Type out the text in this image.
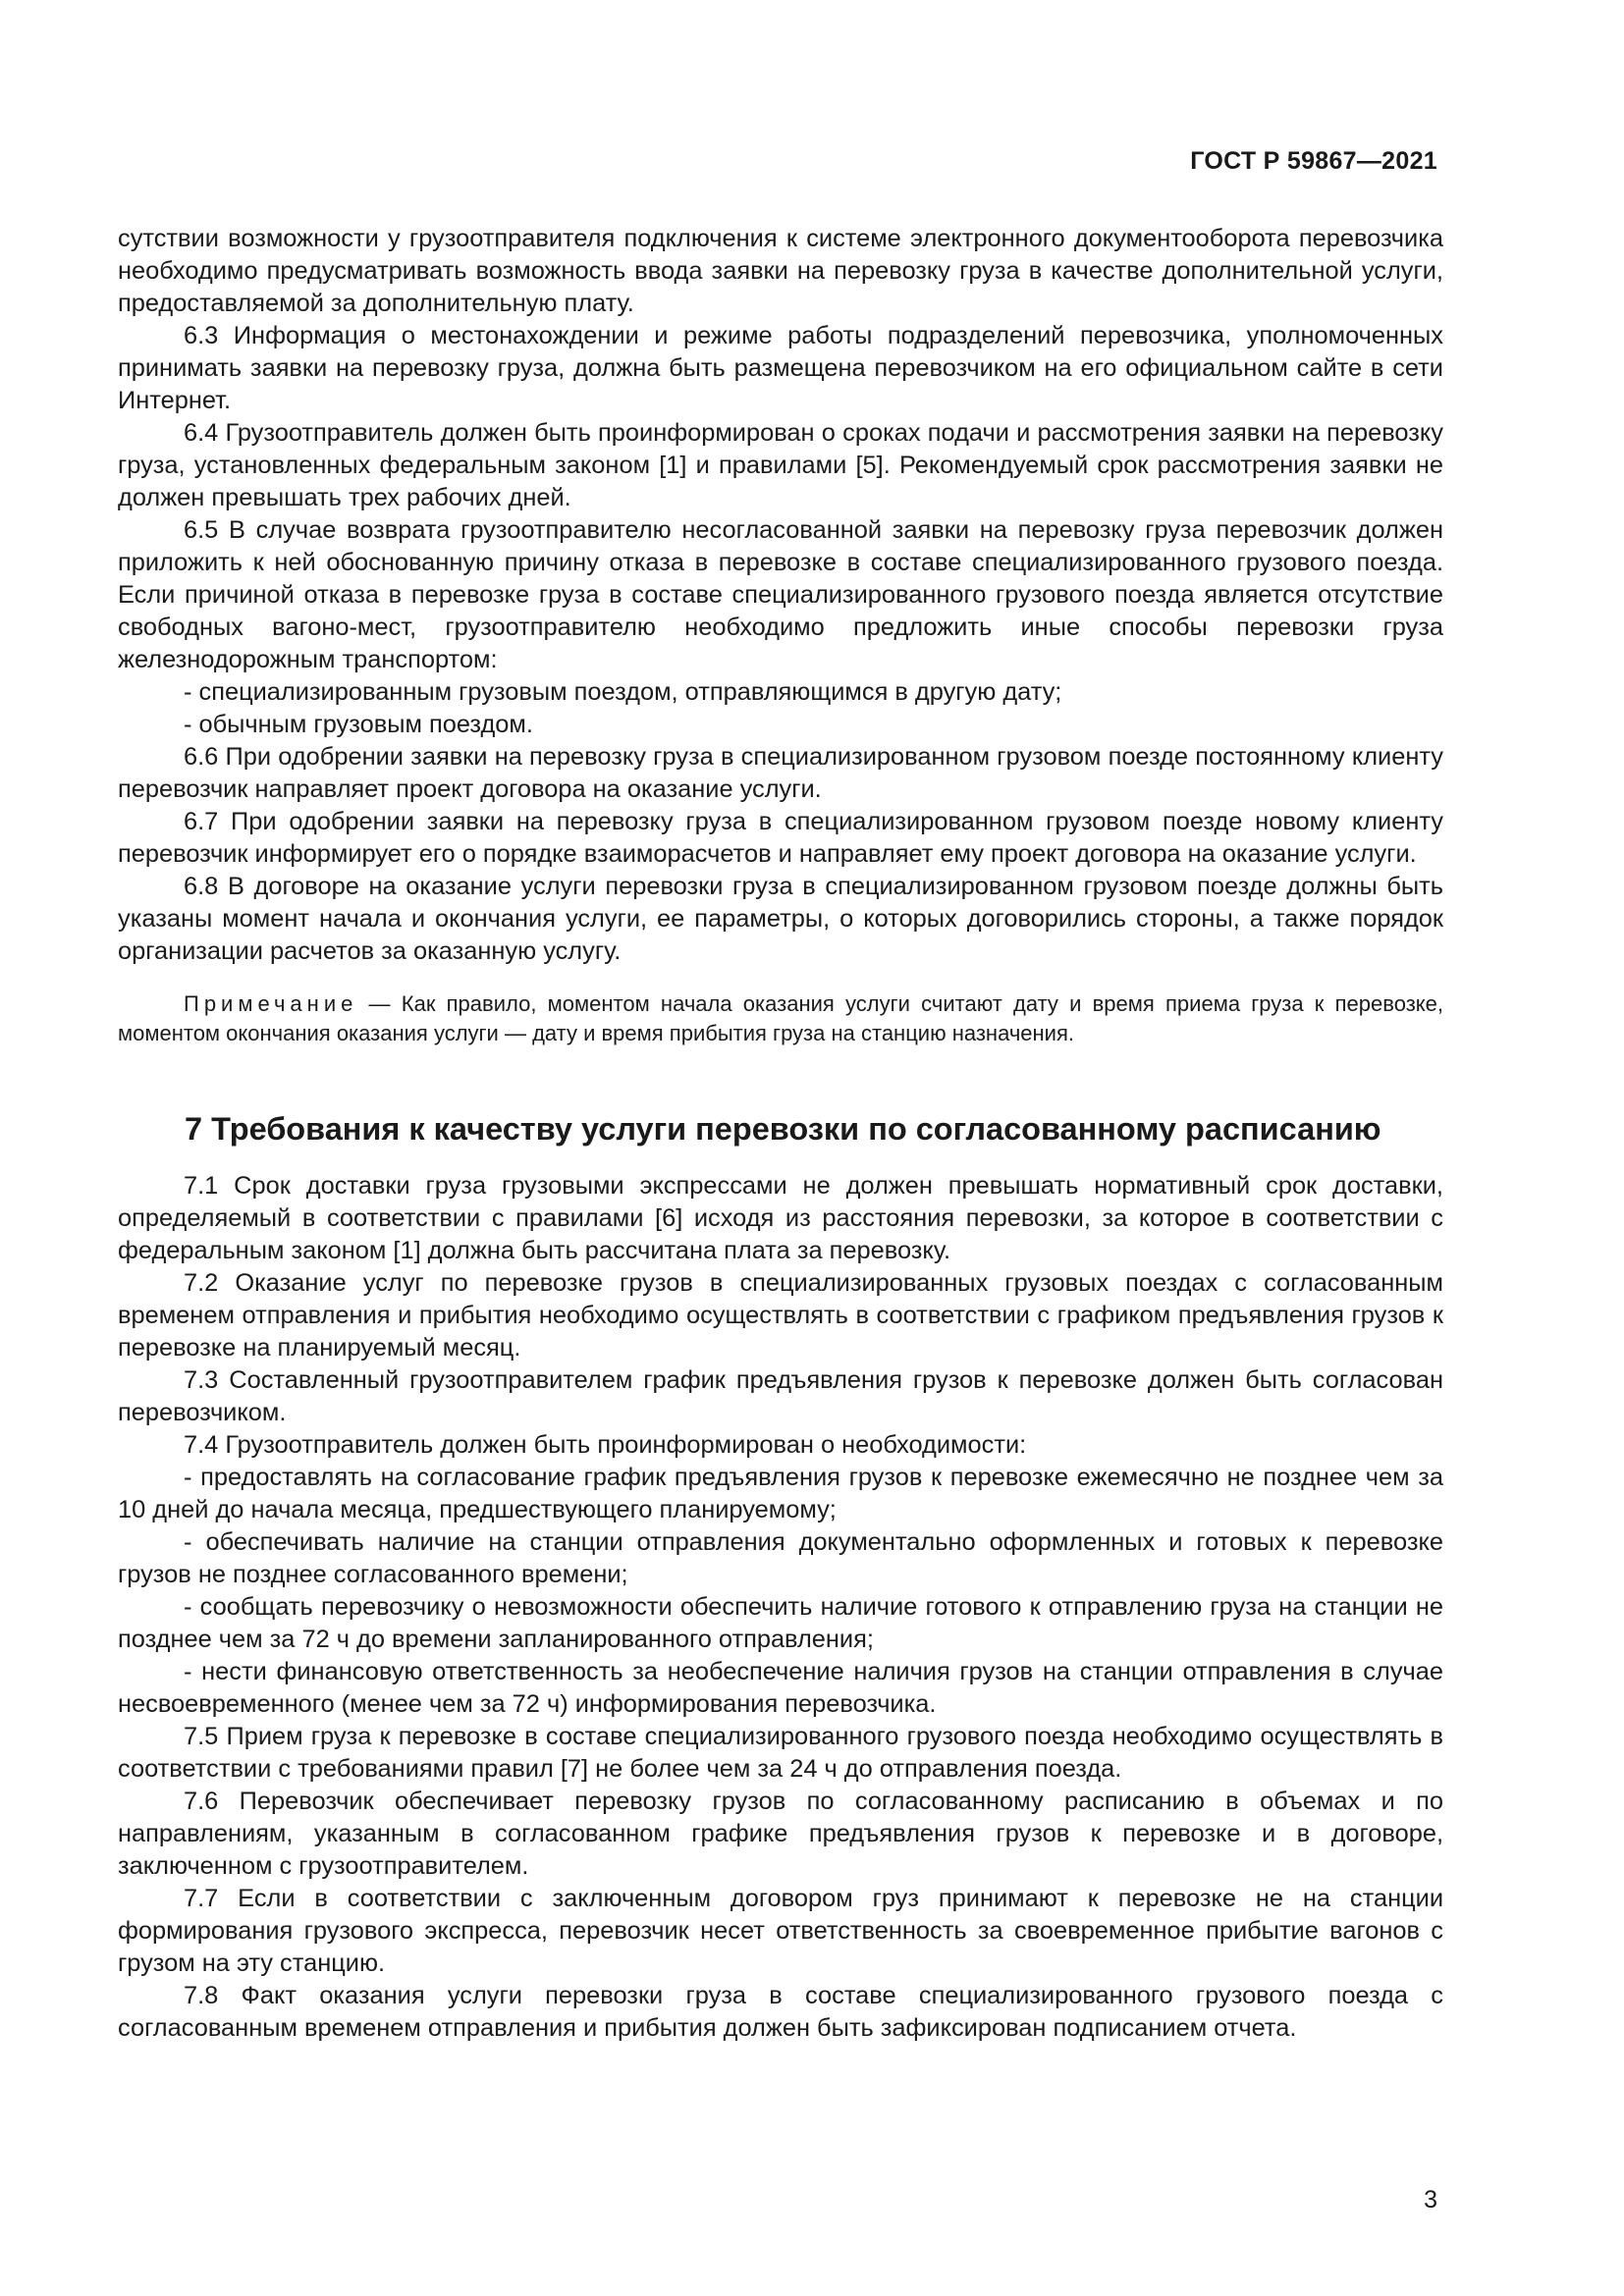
ГОСТ Р 59867—2021

сутствии возможности у грузоотправителя подключения к системе электронного документооборота перевозчика необходимо предусматривать возможность ввода заявки на перевозку груза в качестве дополнительной услуги, предоставляемой за дополнительную плату.

6.3 Информация о местонахождении и режиме работы подразделений перевозчика, уполномоченных принимать заявки на перевозку груза, должна быть размещена перевозчиком на его официальном сайте в сети Интернет.

6.4 Грузоотправитель должен быть проинформирован о сроках подачи и рассмотрения заявки на перевозку груза, установленных федеральным законом [1] и правилами [5]. Рекомендуемый срок рассмотрения заявки не должен превышать трех рабочих дней.

6.5 В случае возврата грузоотправителю несогласованной заявки на перевозку груза перевозчик должен приложить к ней обоснованную причину отказа в перевозке в составе специализированного грузового поезда. Если причиной отказа в перевозке груза в составе специализированного грузового поезда является отсутствие свободных вагоно-мест, грузоотправителю необходимо предложить иные способы перевозки груза железнодорожным транспортом:

- специализированным грузовым поездом, отправляющимся в другую дату;

- обычным грузовым поездом.

6.6 При одобрении заявки на перевозку груза в специализированном грузовом поезде постоянному клиенту перевозчик направляет проект договора на оказание услуги.

6.7 При одобрении заявки на перевозку груза в специализированном грузовом поезде новому клиенту перевозчик информирует его о порядке взаиморасчетов и направляет ему проект договора на оказание услуги.

6.8 В договоре на оказание услуги перевозки груза в специализированном грузовом поезде должны быть указаны момент начала и окончания услуги, ее параметры, о которых договорились стороны, а также порядок организации расчетов за оказанную услугу.

Примечание — Как правило, моментом начала оказания услуги считают дату и время приема груза к перевозке, моментом окончания оказания услуги — дату и время прибытия груза на станцию назначения.

7 Требования к качеству услуги перевозки по согласованному расписанию

7.1 Срок доставки груза грузовыми экспрессами не должен превышать нормативный срок доставки, определяемый в соответствии с правилами [6] исходя из расстояния перевозки, за которое в соответствии с федеральным законом [1] должна быть рассчитана плата за перевозку.

7.2 Оказание услуг по перевозке грузов в специализированных грузовых поездах с согласованным временем отправления и прибытия необходимо осуществлять в соответствии с графиком предъявления грузов к перевозке на планируемый месяц.

7.3 Составленный грузоотправителем график предъявления грузов к перевозке должен быть согласован перевозчиком.

7.4 Грузоотправитель должен быть проинформирован о необходимости:

- предоставлять на согласование график предъявления грузов к перевозке ежемесячно не позднее чем за 10 дней до начала месяца, предшествующего планируемому;

- обеспечивать наличие на станции отправления документально оформленных и готовых к перевозке грузов не позднее согласованного времени;

- сообщать перевозчику о невозможности обеспечить наличие готового к отправлению груза на станции не позднее чем за 72 ч до времени запланированного отправления;

- нести финансовую ответственность за необеспечение наличия грузов на станции отправления в случае несвоевременного (менее чем за 72 ч) информирования перевозчика.

7.5 Прием груза к перевозке в составе специализированного грузового поезда необходимо осуществлять в соответствии с требованиями правил [7] не более чем за 24 ч до отправления поезда.

7.6 Перевозчик обеспечивает перевозку грузов по согласованному расписанию в объемах и по направлениям, указанным в согласованном графике предъявления грузов к перевозке и в договоре, заключенном с грузоотправителем.

7.7 Если в соответствии с заключенным договором груз принимают к перевозке не на станции формирования грузового экспресса, перевозчик несет ответственность за своевременное прибытие вагонов с грузом на эту станцию.

7.8 Факт оказания услуги перевозки груза в составе специализированного грузового поезда с согласованным временем отправления и прибытия должен быть зафиксирован подписанием отчета.

3
